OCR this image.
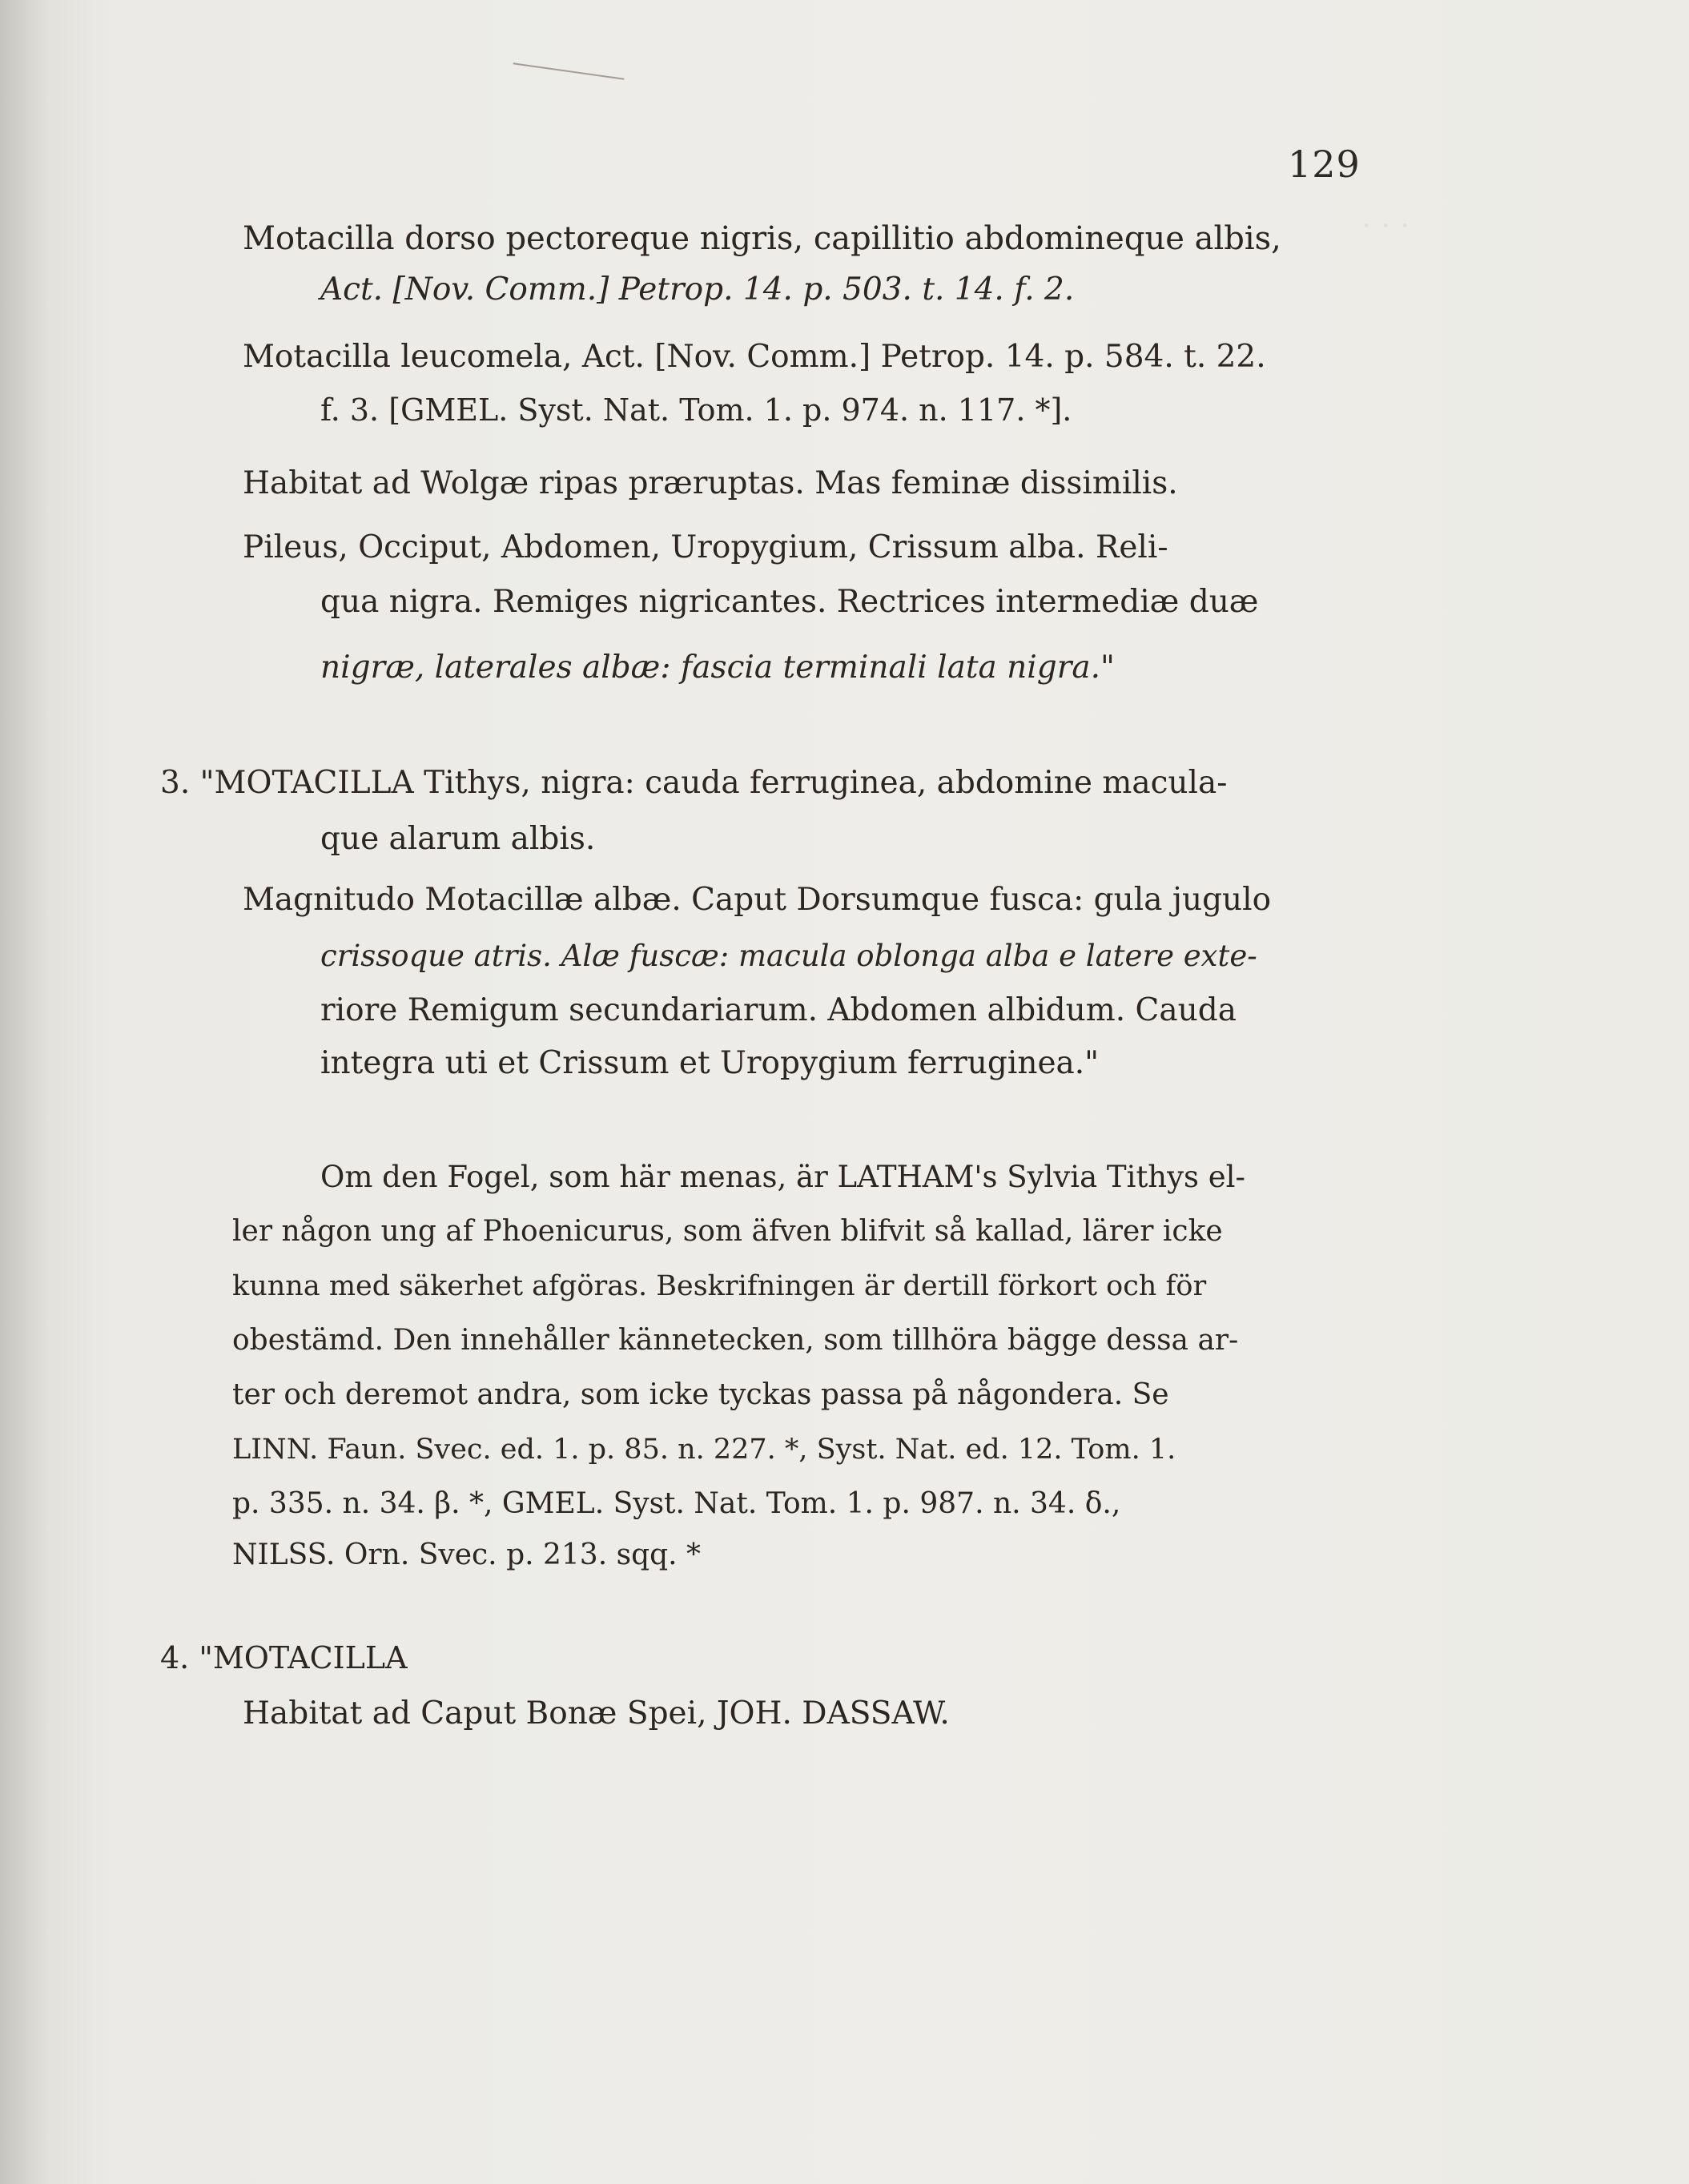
· · ·
129
Motacilla dorso pectoreque nigris, capillitio abdomineque albis,
Act. [Nov. Comm.] Petrop. 14. p. 503. t. 14. f. 2.
Motacilla leucomela, Act. [Nov. Comm.] Petrop. 14. p. 584. t. 22.
f. 3. [GMEL. Syst. Nat. Tom. 1. p. 974. n. 117. *].
Habitat ad Wolgæ ripas præruptas. Mas feminæ dissimilis.
Pileus, Occiput, Abdomen, Uropygium, Crissum alba. Reli-
qua nigra. Remiges nigricantes. Rectrices intermediæ duæ
nigræ, laterales albæ: fascia terminali lata nigra."
3. "MOTACILLA Tithys, nigra: cauda ferruginea, abdomine macula-
que alarum albis.
Magnitudo Motacillæ albæ. Caput Dorsumque fusca: gula jugulo
crissoque atris. Alæ fuscæ: macula oblonga alba e latere exte-
riore Remigum secundariarum. Abdomen albidum. Cauda
integra uti et Crissum et Uropygium ferruginea."
Om den Fogel, som här menas, är LATHAM's Sylvia Tithys el-
ler någon ung af Phoenicurus, som äfven blifvit så kallad, lärer icke
kunna med säkerhet afgöras. Beskrifningen är dertill förkort och för
obestämd. Den innehåller kännetecken, som tillhöra bägge dessa ar-
ter och deremot andra, som icke tyckas passa på någondera. Se
LINN. Faun. Svec. ed. 1. p. 85. n. 227. *, Syst. Nat. ed. 12. Tom. 1.
p. 335. n. 34. β. *, GMEL. Syst. Nat. Tom. 1. p. 987. n. 34. δ.,
NILSS. Orn. Svec. p. 213. sqq. *
4. "MOTACILLA
Habitat ad Caput Bonæ Spei, JOH. DASSAW.
